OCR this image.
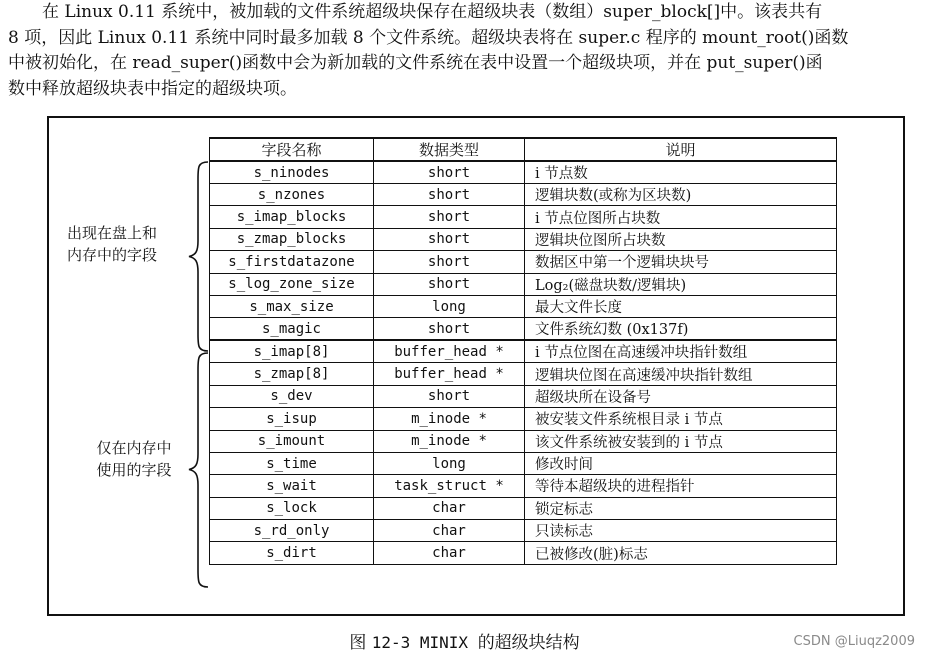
在 Linux 0.11 系统中，被加载的文件系统超级块保存在超级块表（数组）super_block[]中。该表共有
8 项，因此 Linux 0.11 系统中同时最多加载 8 个文件系统。超级块表将在 super.c 程序的 mount_root()函数
中被初始化，在 read_super()函数中会为新加载的文件系统在表中设置一个超级块项，并在 put_super()函
数中释放超级块表中指定的超级块项。
字段名称	数据类型	说明
s_ninodes	short	i 节点数
s_nzones	short	逻辑块数(或称为区块数)
s_imap_blocks	short	i 节点位图所占块数
s_zmap_blocks	short	逻辑块位图所占块数
s_firstdatazone	short	数据区中第一个逻辑块块号
s_log_zone_size	short	Log₂(磁盘块数/逻辑块)
s_max_size	long	最大文件长度
s_magic	short	文件系统幻数 (0x137f)
s_imap[8]	buffer_head *	i 节点位图在高速缓冲块指针数组
s_zmap[8]	buffer_head *	逻辑块位图在高速缓冲块指针数组
s_dev	short	超级块所在设备号
s_isup	m_inode *	被安装文件系统根目录 i 节点
s_imount	m_inode *	该文件系统被安装到的 i 节点
s_time	long	修改时间
s_wait	task_struct *	等待本超级块的进程指针
s_lock	char	锁定标志
s_rd_only	char	只读标志
s_dirt	char	已被修改(脏)标志
出现在盘上和
内存中的字段
仅在内存中
使用的字段
图 12-3 MINIX 的超级块结构	CSDN @Liuqz2009
